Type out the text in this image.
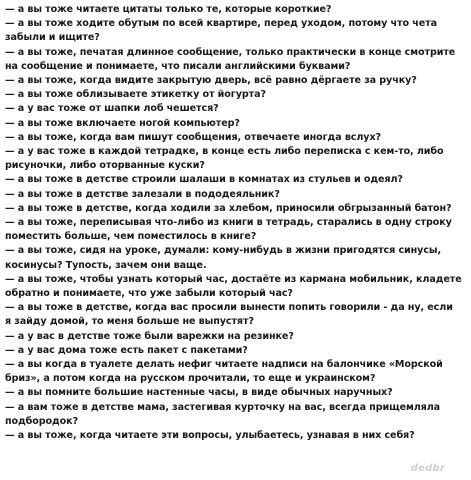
— а вы тоже читаете цитаты только те, которые короткие?
— а вы тоже ходите обутым по всей квартире, перед уходом, потому что чета
забыли и ищите?
— а вы тоже, печатая длинное сообщение, только практически в конце смотрите
на сообщение и понимаете, что писали английскими буквами?
— а вы тоже, когда видите закрытую дверь, всё равно дёргаете за ручку?
— а вы тоже облизываете этикетку от йогурта?
— а у вас тоже от шапки лоб чешется?
— а вы тоже включаете ногой компьютер?
— а вы тоже, когда вам пишут сообщения, отвечаете иногда вслух?
— а у вас тоже в каждой тетрадке, в конце есть либо переписка с кем-то, либо
рисуночки, либо оторванные куски?
— а вы тоже в детстве строили шалаши в комнатах из стульев и одеял?
— а вы тоже в детстве залезали в пододеяльник?
— а вы тоже в детстве, когда ходили за хлебом, приносили обгрызанный батон?
— а вы тоже, переписывая что-либо из книги в тетрадь, старались в одну строку
поместить больше, чем поместилось в книге?
— а вы тоже, сидя на уроке, думали: кому-нибудь в жизни пригодятся синусы,
косинусы? Тупость, зачем они ваще.
— а вы тоже, чтобы узнать который час, достаёте из кармана мобильник, кладете
обратно и понимаете, что уже забыли который час?
— а вы тоже в детстве, когда вас просили вынести попить говорили - да ну, если
я зайду домой, то меня больше не выпустят?
— а у вас в детстве тоже были варежки на резинке?
— а у вас дома тоже есть пакет с пакетами?
— а вы когда в туалете делать нефиг читаете надписи на балончике «Морской
бриз», а потом когда на русском прочитали, то еще и украинском?
— а вы помните большие настенные часы, в виде обычных наручных?
— а вам тоже в детстве мама, застегивая курточку на вас, всегда прищемляла
подбородок?
— а вы тоже, когда читаете эти вопросы, улыбаетесь, узнавая в них себя?
dedbr
